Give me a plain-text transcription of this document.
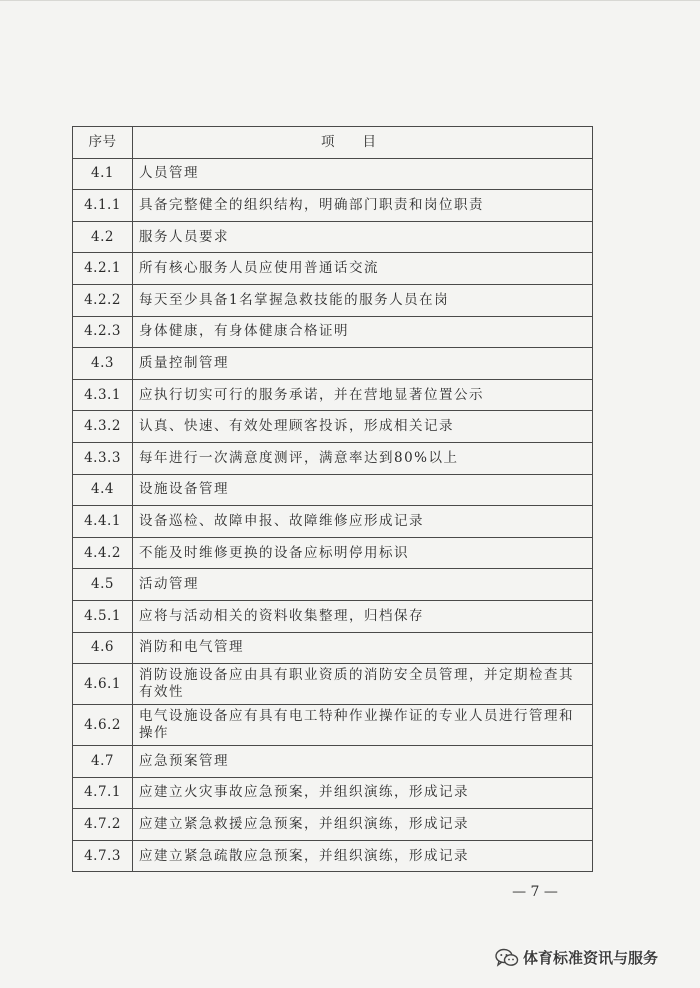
序号	项目
4.1	人员管理
4.1.1	具备完整健全的组织结构，明确部门职责和岗位职责
4.2	服务人员要求
4.2.1	所有核心服务人员应使用普通话交流
4.2.2	每天至少具备1名掌握急救技能的服务人员在岗
4.2.3	身体健康，有身体健康合格证明
4.3	质量控制管理
4.3.1	应执行切实可行的服务承诺，并在营地显著位置公示
4.3.2	认真、快速、有效处理顾客投诉，形成相关记录
4.3.3	每年进行一次满意度测评，满意率达到80%以上
4.4	设施设备管理
4.4.1	设备巡检、故障申报、故障维修应形成记录
4.4.2	不能及时维修更换的设备应标明停用标识
4.5	活动管理
4.5.1	应将与活动相关的资料收集整理，归档保存
4.6	消防和电气管理
4.6.1	消防设施设备应由具有职业资质的消防安全员管理，并定期检查其有效性
4.6.2	电气设施设备应有具有电工特种作业操作证的专业人员进行管理和操作
4.7	应急预案管理
4.7.1	应建立火灾事故应急预案，并组织演练，形成记录
4.7.2	应建立紧急救援应急预案，并组织演练，形成记录
4.7.3	应建立紧急疏散应急预案，并组织演练，形成记录
— 7 —
体育标准资讯与服务
